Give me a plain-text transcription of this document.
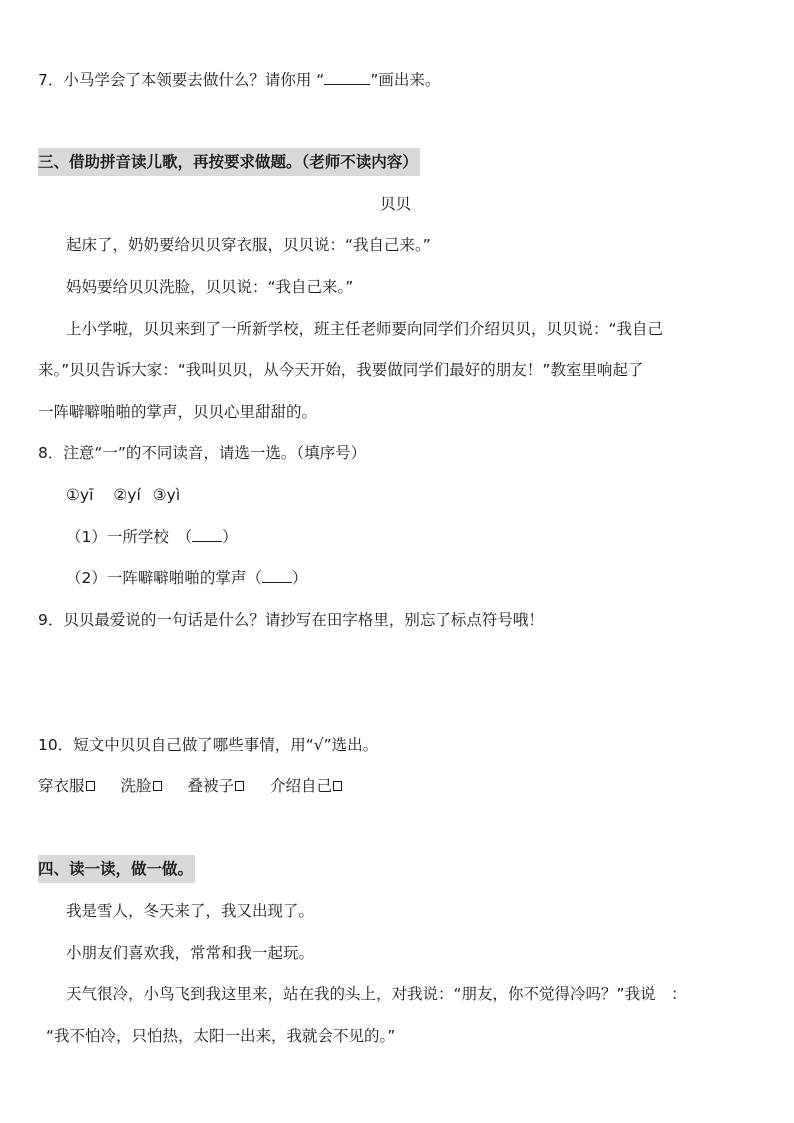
7．小马学会了本领要去做什么？请你用 “	”画出来。
三、借助拼音读儿歌，再按要求做题。（老师不读内容）
贝贝
起床了，奶奶要给贝贝穿衣服，贝贝说：“我自己来。”
妈妈要给贝贝洗脸，贝贝说：“我自己来。”
上小学啦，贝贝来到了一所新学校，班主任老师要向同学们介绍贝贝，贝贝说：“我自己
来。”贝贝告诉大家：“我叫贝贝，从今天开始，我要做同学们最好的朋友！”教室里响起了
一阵噼噼啪啪的掌声，贝贝心里甜甜的。
8．注意“一”的不同读音，请选一选。（填序号）
①yī ②yí ③yì
（1）一所学校　（ ）
（2）一阵噼噼啪啪的掌声（ ）
9．贝贝最爱说的一句话是什么？请抄写在田字格里，别忘了标点符号哦！
10．短文中贝贝自己做了哪些事情，用“√”选出。
穿衣服 洗脸 叠被子 介绍自己
四、读一读，做一做。
我是雪人，冬天来了，我又出现了。
小朋友们喜欢我，常常和我一起玩。
天气很冷，小鸟飞到我这里来，站在我的头上，对我说：“朋友，你不觉得冷吗？”我说　：
“我不怕冷，只怕热，太阳一出来，我就会不见的。”
